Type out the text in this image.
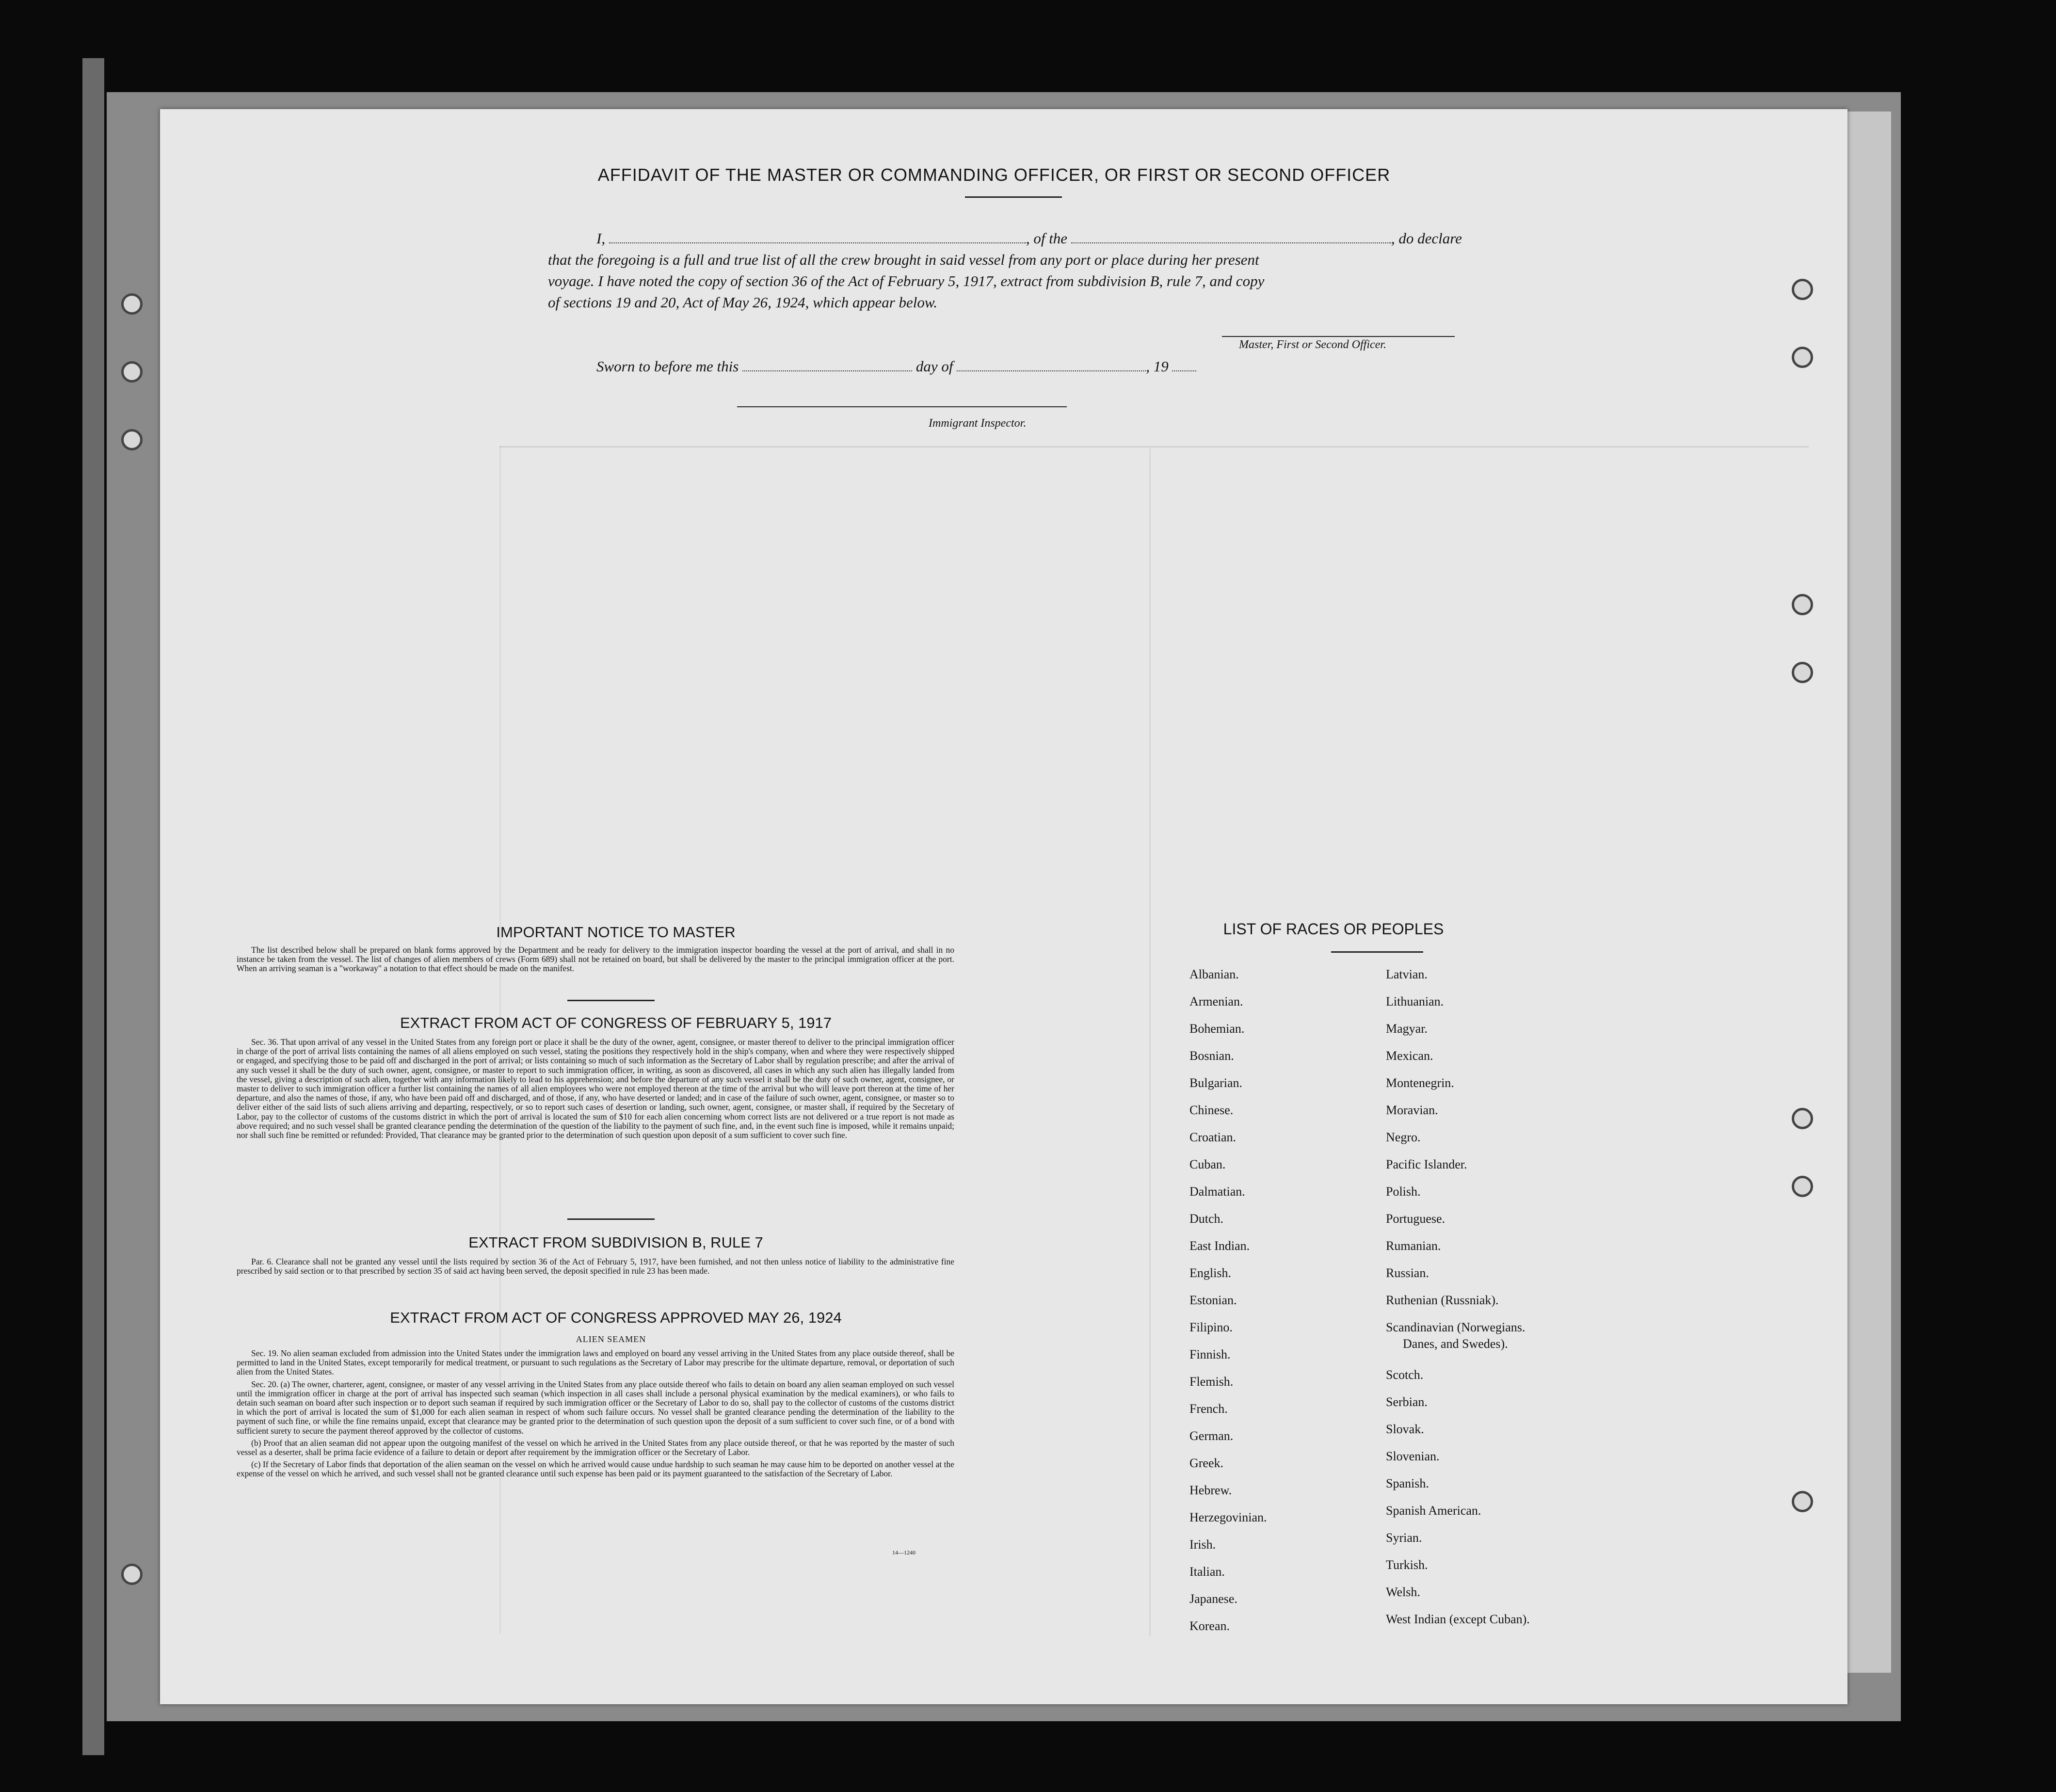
AFFIDAVIT OF THE MASTER OR COMMANDING OFFICER, OR FIRST OR SECOND OFFICER
I,	, of the	, do declare
that the foregoing is a full and true list of all the crew brought in said vessel from any port or place during her present
voyage. I have noted the copy of section 36 of the Act of February 5, 1917, extract from subdivision B, rule 7, and copy
of sections 19 and 20, Act of May 26, 1924, which appear below.
Master, First or Second Officer.
Sworn to before me this	day of	, 19
Immigrant Inspector.
IMPORTANT NOTICE TO MASTER

The list described below shall be prepared on blank forms approved by the Department and be ready for delivery to the immigration inspector boarding the vessel at the port of arrival, and shall in no instance be taken from the vessel. The list of changes of alien members of crews (Form 689) shall not be retained on board, but shall be delivered by the master to the principal immigration officer at the port. When an arriving seaman is a "workaway" a notation to that effect should be made on the manifest.

EXTRACT FROM ACT OF CONGRESS OF FEBRUARY 5, 1917

Sec. 36. That upon arrival of any vessel in the United States from any foreign port or place it shall be the duty of the owner, agent, consignee, or master thereof to deliver to the principal immigration officer in charge of the port of arrival lists containing the names of all aliens employed on such vessel, stating the positions they respectively hold in the ship's company, when and where they were respectively shipped or engaged, and specifying those to be paid off and discharged in the port of arrival; or lists containing so much of such information as the Secretary of Labor shall by regulation prescribe; and after the arrival of any such vessel it shall be the duty of such owner, agent, consignee, or master to report to such immigration officer, in writing, as soon as discovered, all cases in which any such alien has illegally landed from the vessel, giving a description of such alien, together with any information likely to lead to his apprehension; and before the departure of any such vessel it shall be the duty of such owner, agent, consignee, or master to deliver to such immigration officer a further list containing the names of all alien employees who were not employed thereon at the time of the arrival but who will leave port thereon at the time of her departure, and also the names of those, if any, who have been paid off and discharged, and of those, if any, who have deserted or landed; and in case of the failure of such owner, agent, consignee, or master so to deliver either of the said lists of such aliens arriving and departing, respectively, or so to report such cases of desertion or landing, such owner, agent, consignee, or master shall, if required by the Secretary of Labor, pay to the collector of customs of the customs district in which the port of arrival is located the sum of $10 for each alien concerning whom correct lists are not delivered or a true report is not made as above required; and no such vessel shall be granted clearance pending the determination of the question of the liability to the payment of such fine, and, in the event such fine is imposed, while it remains unpaid; nor shall such fine be remitted or refunded: Provided, That clearance may be granted prior to the determination of such question upon deposit of a sum sufficient to cover such fine.

EXTRACT FROM SUBDIVISION B, RULE 7

Par. 6. Clearance shall not be granted any vessel until the lists required by section 36 of the Act of February 5, 1917, have been furnished, and not then unless notice of liability to the administrative fine prescribed by said section or to that prescribed by section 35 of said act having been served, the deposit specified in rule 23 has been made.

EXTRACT FROM ACT OF CONGRESS APPROVED MAY 26, 1924
ALIEN SEAMEN

Sec. 19. No alien seaman excluded from admission into the United States under the immigration laws and employed on board any vessel arriving in the United States from any place outside thereof, shall be permitted to land in the United States, except temporarily for medical treatment, or pursuant to such regulations as the Secretary of Labor may prescribe for the ultimate departure, removal, or deportation of such alien from the United States.

Sec. 20. (a) The owner, charterer, agent, consignee, or master of any vessel arriving in the United States from any place outside thereof who fails to detain on board any alien seaman employed on such vessel until the immigration officer in charge at the port of arrival has inspected such seaman (which inspection in all cases shall include a personal physical examination by the medical examiners), or who fails to detain such seaman on board after such inspection or to deport such seaman if required by such immigration officer or the Secretary of Labor to do so, shall pay to the collector of customs of the customs district in which the port of arrival is located the sum of $1,000 for each alien seaman in respect of whom such failure occurs. No vessel shall be granted clearance pending the determination of the liability to the payment of such fine, or while the fine remains unpaid, except that clearance may be granted prior to the determination of such question upon the deposit of a sum sufficient to cover such fine, or of a bond with sufficient surety to secure the payment thereof approved by the collector of customs.

(b) Proof that an alien seaman did not appear upon the outgoing manifest of the vessel on which he arrived in the United States from any place outside thereof, or that he was reported by the master of such vessel as a deserter, shall be prima facie evidence of a failure to detain or deport after requirement by the immigration officer or the Secretary of Labor.

(c) If the Secretary of Labor finds that deportation of the alien seaman on the vessel on which he arrived would cause undue hardship to such seaman he may cause him to be deported on another vessel at the expense of the vessel on which he arrived, and such vessel shall not be granted clearance until such expense has been paid or its payment guaranteed to the satisfaction of the Secretary of Labor.

14—1240
LIST OF RACES OR PEOPLES
Albanian.
Armenian.
Bohemian.
Bosnian.
Bulgarian.
Chinese.
Croatian.
Cuban.
Dalmatian.
Dutch.
East Indian.
English.
Estonian.
Filipino.
Finnish.
Flemish.
French.
German.
Greek.
Hebrew.
Herzegovinian.
Irish.
Italian.
Japanese.
Korean.
Latvian.
Lithuanian.
Magyar.
Mexican.
Montenegrin.
Moravian.
Negro.
Pacific Islander.
Polish.
Portuguese.
Rumanian.
Russian.
Ruthenian (Russniak).
Scandinavian (Norwegians.
Danes, and Swedes).
Scotch.
Serbian.
Slovak.
Slovenian.
Spanish.
Spanish American.
Syrian.
Turkish.
Welsh.
West Indian (except Cuban).
